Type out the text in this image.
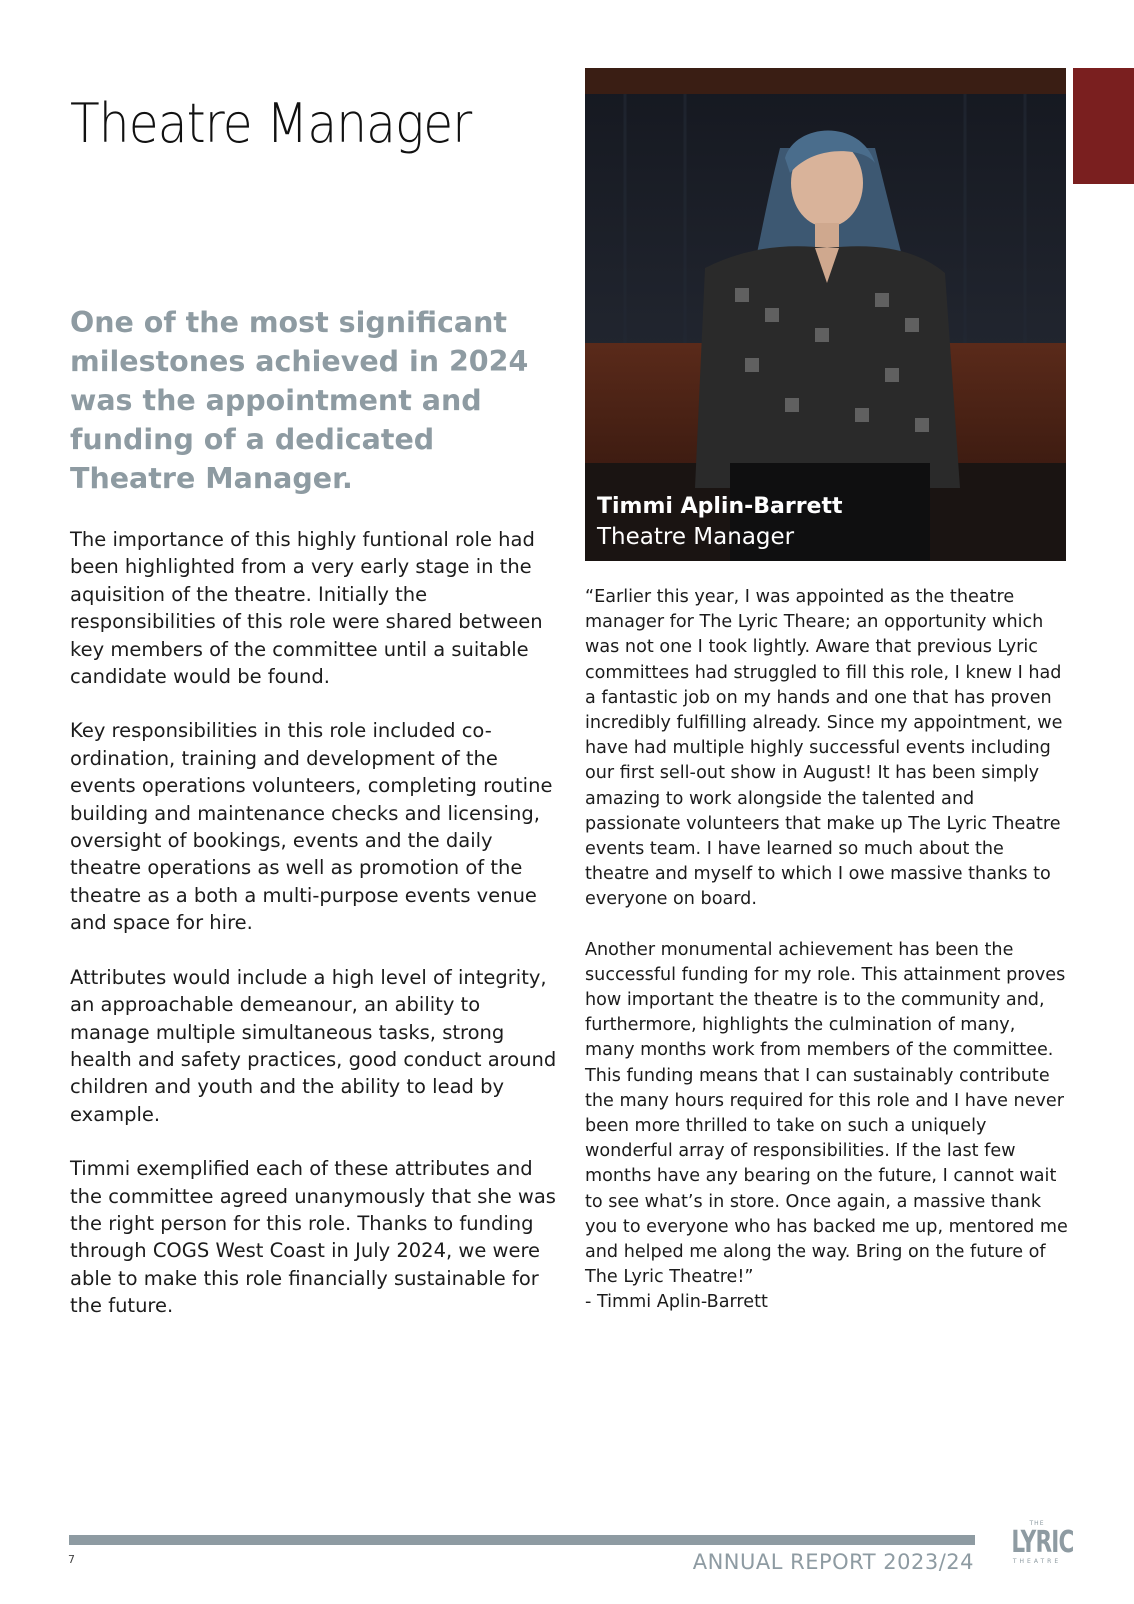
Theatre Manager

One of the most significant milestones achieved in 2024 was the appointment and funding of a dedicated Theatre Manager.

The importance of this highly funtional role had been highlighted from a very early stage in the aquisition of the theatre. Initially the responsibilities of this role were shared between key members of the committee until a suitable candidate would be found.

Key responsibilities in this role included co-ordination, training and development of the events operations volunteers, completing routine building and maintenance checks and licensing, oversight of bookings, events and the daily theatre operations as well as promotion of the theatre as a both a multi-purpose events venue and space for hire.

Attributes would include a high level of integrity, an approachable demeanour, an ability to manage multiple simultaneous tasks, strong health and safety practices, good conduct around children and youth and the ability to lead by example.

Timmi exemplified each of these attributes and the committee agreed unanymously that she was the right person for this role. Thanks to funding through COGS West Coast in July 2024, we were able to make this role financially sustainable for the future.

Timmi Aplin-Barrett

Theatre Manager

“Earlier this year, I was appointed as the theatre manager for The Lyric Theare; an opportunity which was not one I took lightly. Aware that previous Lyric committees had struggled to fill this role, I knew I had a fantastic job on my hands and one that has proven incredibly fulfilling already. Since my appointment, we have had multiple highly successful events including our first sell-out show in August! It has been simply amazing to work alongside the talented and passionate volunteers that make up The Lyric Theatre events team. I have learned so much about the theatre and myself to which I owe massive thanks to everyone on board.

Another monumental achievement has been the successful funding for my role. This attainment proves how important the theatre is to the community and, furthermore, highlights the culmination of many, many months work from members of the committee. This funding means that I can sustainably contribute the many hours required for this role and I have never been more thrilled to take on such a uniquely wonderful array of responsibilities. If the last few months have any bearing on the future, I cannot wait to see what’s in store. Once again, a massive thank you to everyone who has backed me up, mentored me and helped me along the way. Bring on the future of The Lyric Theatre!”

- Timmi Aplin-Barrett

7	ANNUAL REPORT 2023/24
THE
LYRIC
THEATRE
